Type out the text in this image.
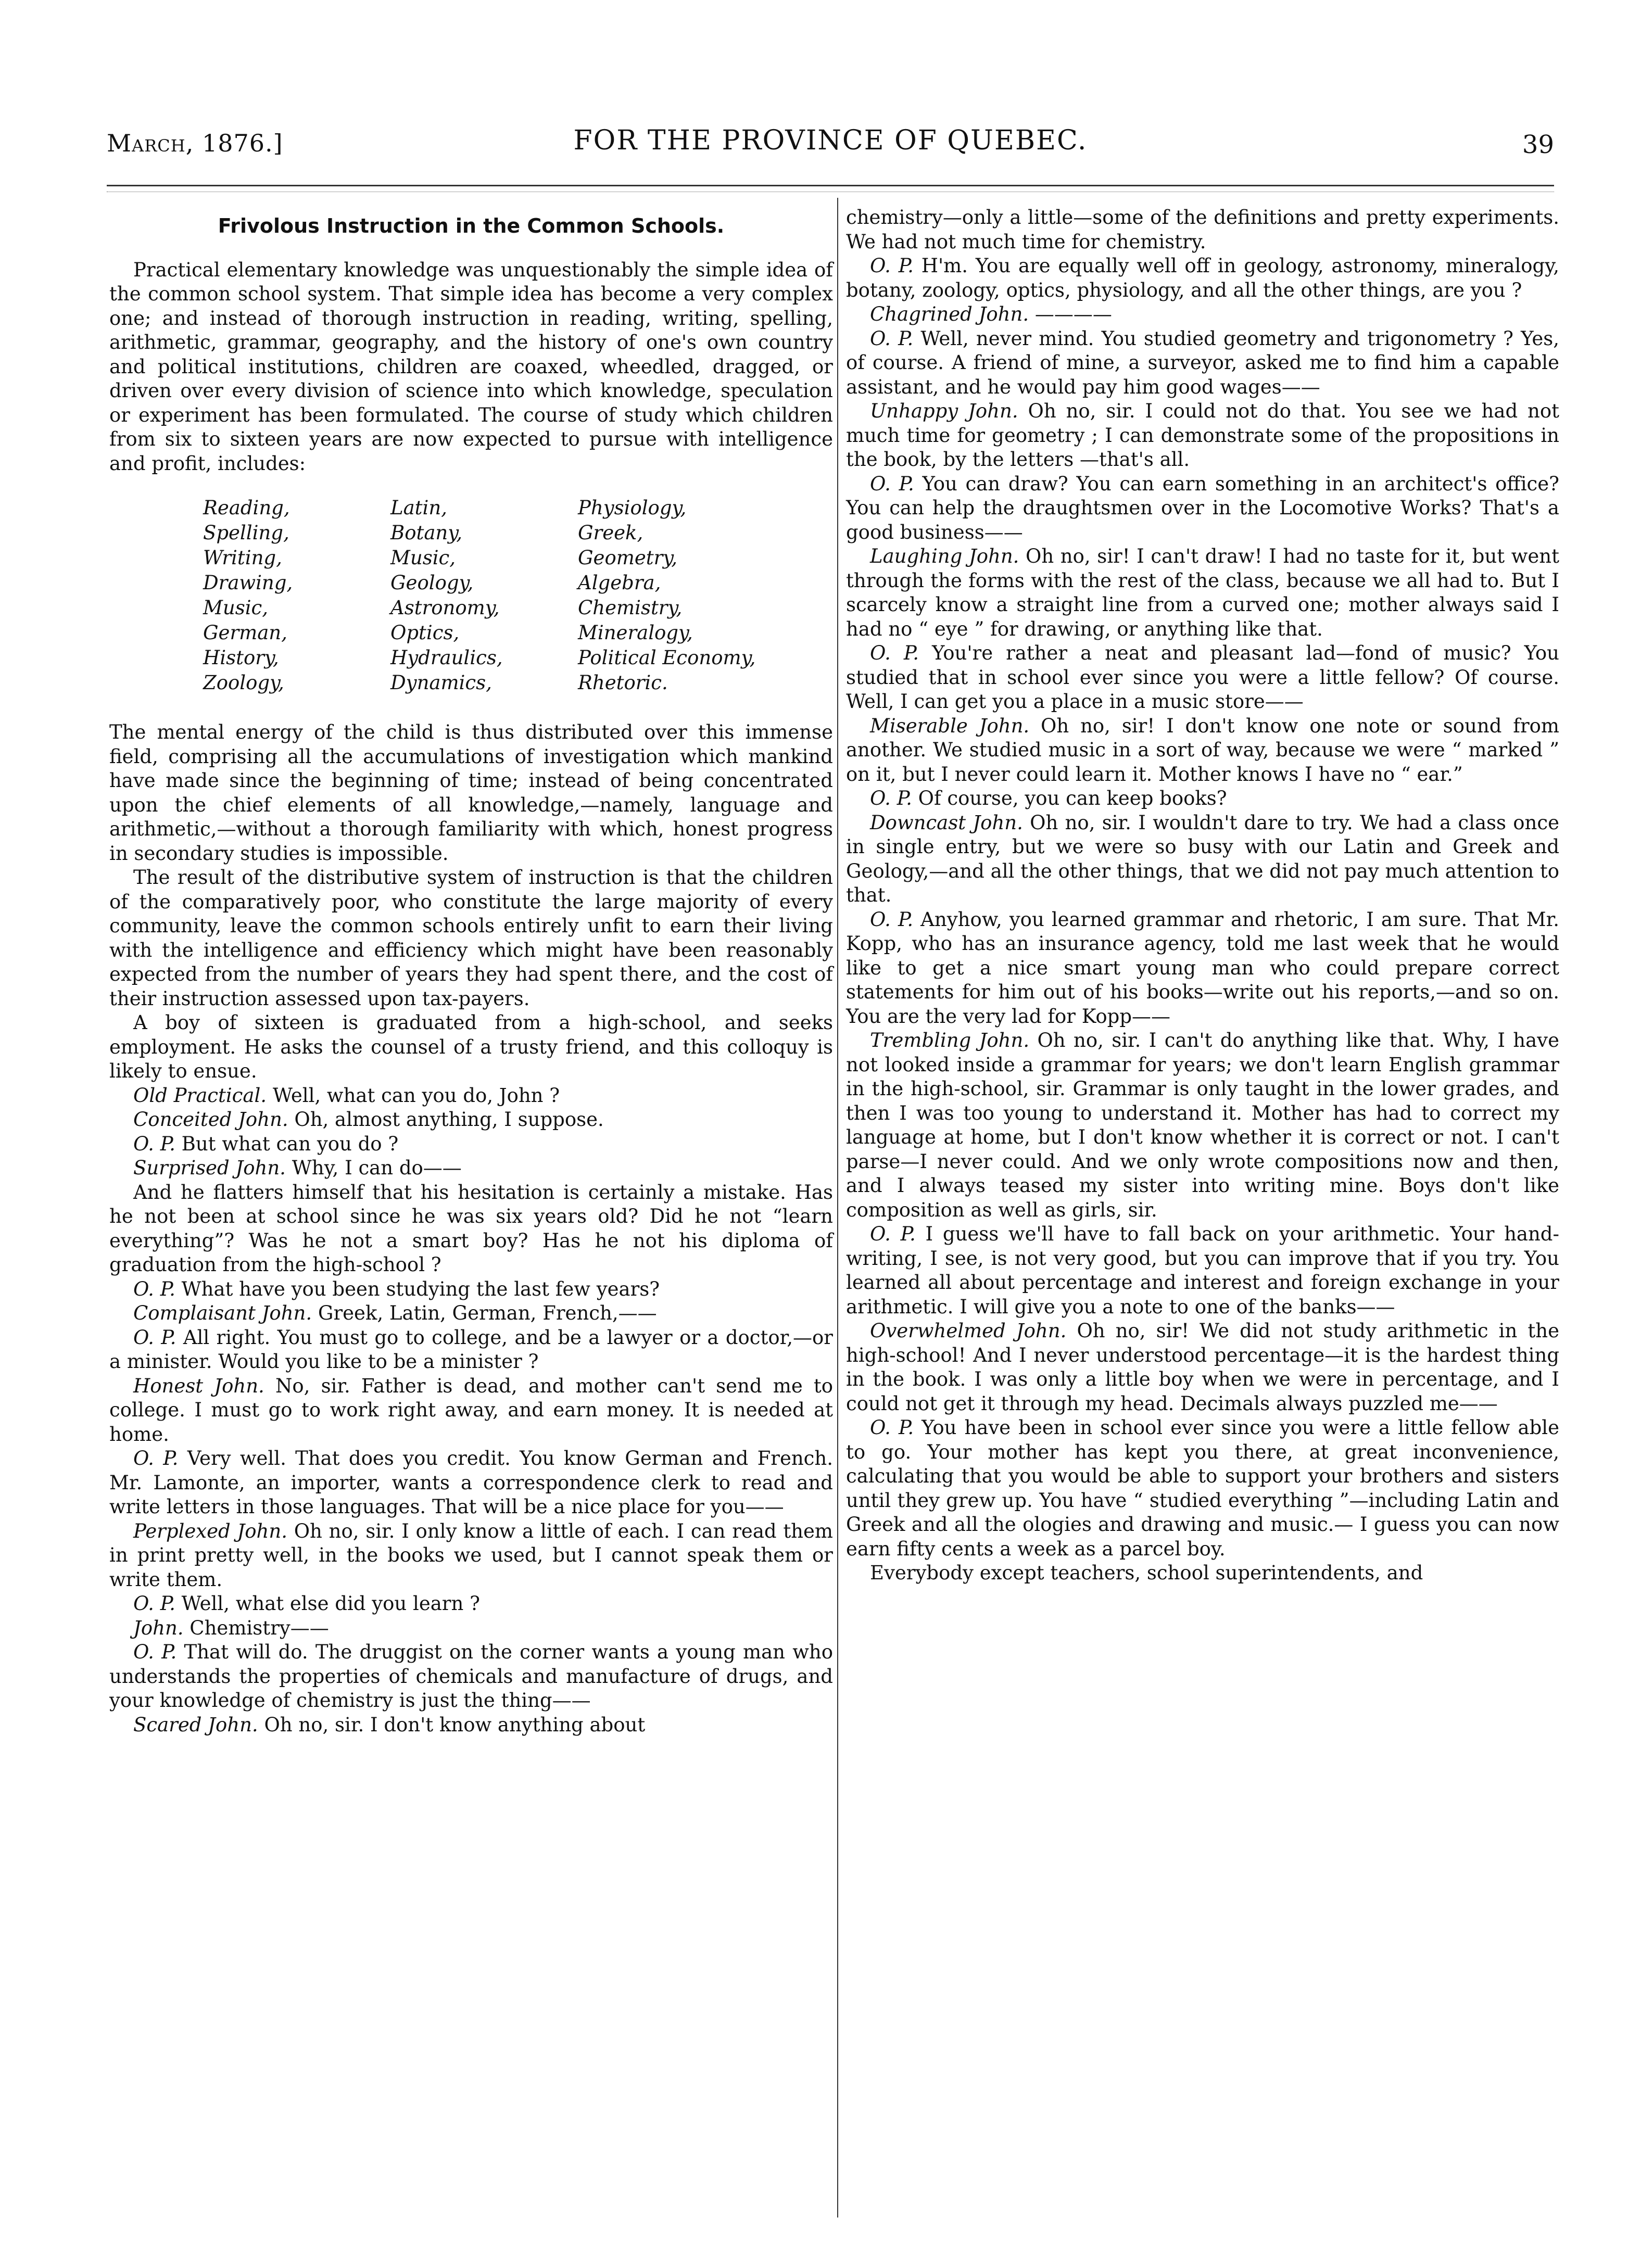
March, 1876.]	FOR THE PROVINCE OF QUEBEC.	39

Frivolous Instruction in the Common Schools.

Practical elementary knowledge was unquestionably the simple idea of the common school system. That simple idea has become a very complex one; and instead of thorough instruction in reading, writing, spelling, arithmetic, grammar, geography, and the history of one's own country and political institutions, children are coaxed, wheedled, dragged, or driven over every division of science into which knowledge, speculation or experiment has been formulated. The course of study which children from six to sixteen years are now expected to pursue with intelligence and profit, includes:

Reading,
Spelling,
Writing,
Drawing,
Music,
German,
History,
Zoology,
Latin,
Botany,
Music,
Geology,
Astronomy,
Optics,
Hydraulics,
Dynamics,
Physiology,
Greek,
Geometry,
Algebra,
Chemistry,
Mineralogy,
Political Economy,
Rhetoric.

The mental energy of the child is thus distributed over this immense field, comprising all the accumulations of investigation which mankind have made since the beginning of time; instead of being concentrated upon the chief elements of all knowledge,—namely, language and arithmetic,—without a thorough familiarity with which, honest progress in secondary studies is impossible.

The result of the distributive system of instruction is that the children of the comparatively poor, who constitute the large majority of every community, leave the common schools entirely unfit to earn their living with the intelligence and efficiency which might have been reasonably expected from the number of years they had spent there, and the cost of their instruction assessed upon tax-payers.

A boy of sixteen is graduated from a high-school, and seeks employment. He asks the counsel of a trusty friend, and this colloquy is likely to ensue.

Old Practical. Well, what can you do, John ?

Conceited John. Oh, almost anything, I suppose.

O. P. But what can you do ?

Surprised John. Why, I can do——

And he flatters himself that his hesitation is certainly a mistake. Has he not been at school since he was six years old? Did he not “learn everything”? Was he not a smart boy? Has he not his diploma of graduation from the high-school ?

O. P. What have you been studying the last few years?

Complaisant John. Greek, Latin, German, French,——

O. P. All right. You must go to college, and be a lawyer or a doctor,—or a minister. Would you like to be a minister ?

Honest John. No, sir. Father is dead, and mother can't send me to college. I must go to work right away, and earn money. It is needed at home.

O. P. Very well. That does you credit. You know German and French. Mr. Lamonte, an importer, wants a correspondence clerk to read and write letters in those languages. That will be a nice place for you——

Perplexed John. Oh no, sir. I only know a little of each. I can read them in print pretty well, in the books we used, but I cannot speak them or write them.

O. P. Well, what else did you learn ?

John. Chemistry——

O. P. That will do. The druggist on the corner wants a young man who understands the properties of chemicals and manufacture of drugs, and your knowledge of chemistry is just the thing——

Scared John. Oh no, sir. I don't know anything about

chemistry—only a little—some of the definitions and pretty experiments. We had not much time for chemistry.

O. P. H'm. You are equally well off in geology, astronomy, mineralogy, botany, zoology, optics, physiology, and all the other things, are you ?

Chagrined John. ————

O. P. Well, never mind. You studied geometry and trigonometry ? Yes, of course. A friend of mine, a surveyor, asked me to find him a capable assistant, and he would pay him good wages——

Unhappy John. Oh no, sir. I could not do that. You see we had not much time for geometry ; I can demonstrate some of the propositions in the book, by the letters —that's all.

O. P. You can draw? You can earn something in an architect's office? You can help the draughtsmen over in the Locomotive Works? That's a good business——

Laughing John. Oh no, sir! I can't draw! I had no taste for it, but went through the forms with the rest of the class, because we all had to. But I scarcely know a straight line from a curved one; mother always said I had no “ eye ” for drawing, or anything like that.

O. P. You're rather a neat and pleasant lad—fond of music? You studied that in school ever since you were a little fellow? Of course. Well, I can get you a place in a music store——

Miserable John. Oh no, sir! I don't know one note or sound from another. We studied music in a sort of way, because we were “ marked ” on it, but I never could learn it. Mother knows I have no “ ear.”

O. P. Of course, you can keep books?

Downcast John. Oh no, sir. I wouldn't dare to try. We had a class once in single entry, but we were so busy with our Latin and Greek and Geology,—and all the other things, that we did not pay much attention to that.

O. P. Anyhow, you learned grammar and rhetoric, I am sure. That Mr. Kopp, who has an insurance agency, told me last week that he would like to get a nice smart young man who could prepare correct statements for him out of his books—write out his reports,—and so on. You are the very lad for Kopp——

Trembling John. Oh no, sir. I can't do anything like that. Why, I have not looked inside a grammar for years; we don't learn English grammar in the high-school, sir. Grammar is only taught in the lower grades, and then I was too young to understand it. Mother has had to correct my language at home, but I don't know whether it is correct or not. I can't parse—I never could. And we only wrote compositions now and then, and I always teased my sister into writing mine. Boys don't like composition as well as girls, sir.

O. P. I guess we'll have to fall back on your arithmetic. Your hand-writing, I see, is not very good, but you can improve that if you try. You learned all about percentage and interest and foreign exchange in your arithmetic. I will give you a note to one of the banks——

Overwhelmed John. Oh no, sir! We did not study arithmetic in the high-school! And I never understood percentage—it is the hardest thing in the book. I was only a little boy when we were in percentage, and I could not get it through my head. Decimals always puzzled me——

O. P. You have been in school ever since you were a little fellow able to go. Your mother has kept you there, at great inconvenience, calculating that you would be able to support your brothers and sisters until they grew up. You have “ studied everything ”—including Latin and Greek and all the ologies and drawing and music.— I guess you can now earn fifty cents a week as a parcel boy.

Everybody except teachers, school superintendents, and
